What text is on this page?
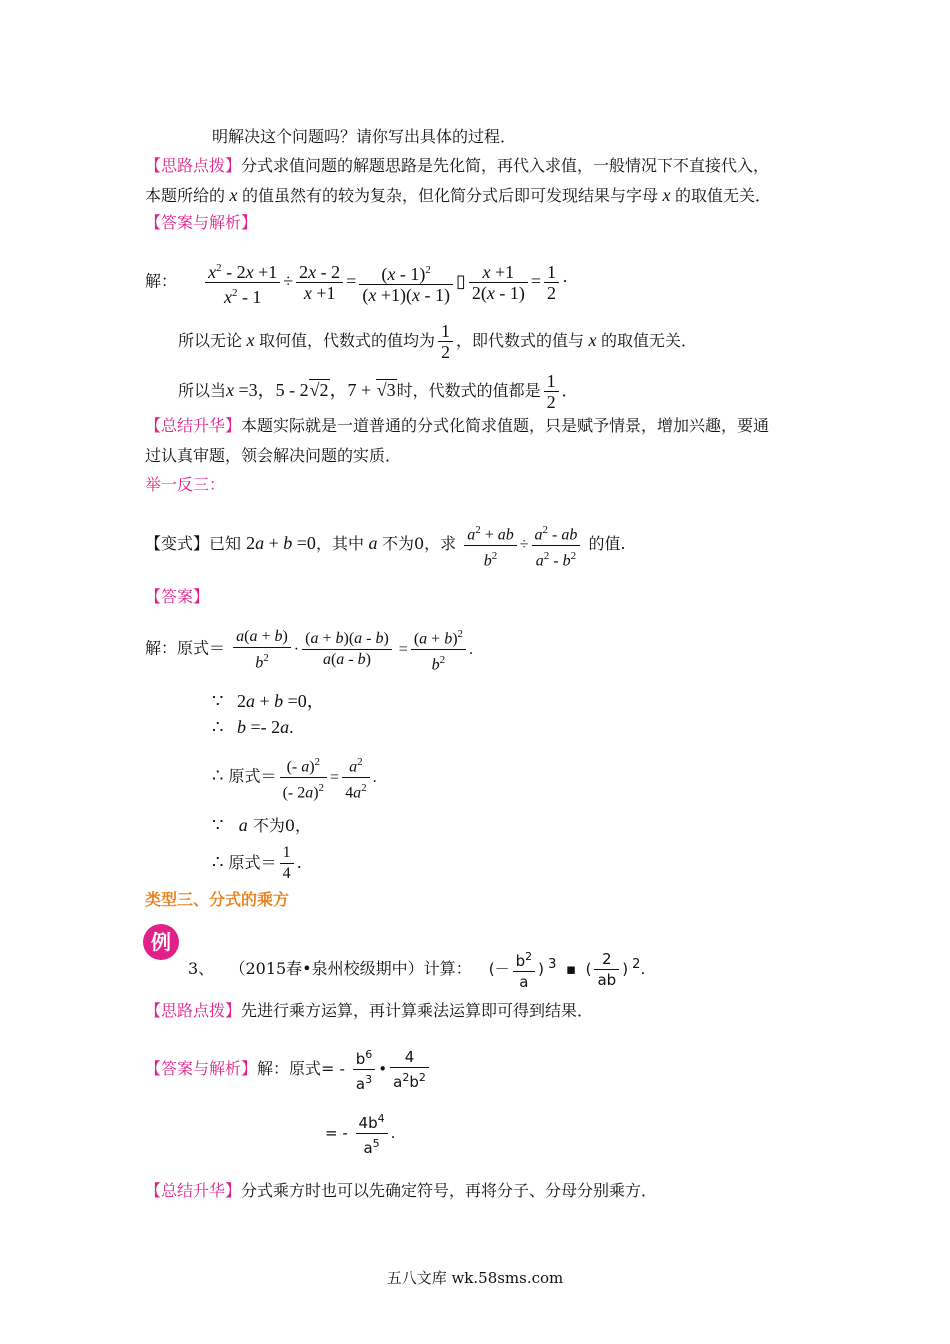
明解决这个问题吗？请你写出具体的过程．
【思路点拨】分式求值问题的解题思路是先化简，再代入求值，一般情况下不直接代入，
本题所给的 x 的值虽然有的较为复杂，但化简分式后即可发现结果与字母 x 的取值无关．
【答案与解析】
解： $\frac{x^2 - 2x +1}{x^2 - 1} \div \frac{2x - 2}{x +1} = \frac{(x - 1)^2}{(x +1)(x - 1)}$ ▯ $\frac{x +1}{2(x - 1)} = \frac{1}{2}$ ·
所以无论 x 取何值，代数式的值均为 $\frac{1}{2}$ ，即代数式的值与 x 的取值无关．
所以当x =3，5 - 2√2，7 + √3时，代数式的值都是 $\frac{1}{2}$ ．
【总结升华】本题实际就是一道普通的分式化简求值题，只是赋予情景，增加兴趣，要通
过认真审题，领会解决问题的实质．
举一反三：
【变式】已知 2a + b =0，其中 a 不为0，求 $\frac{a^2 + ab}{b^2} \div \frac{a^2 - ab}{a^2 - b^2}$ 的值.
【答案】
解：原式＝ $\frac{a(a + b)}{b^2} \cdot \frac{(a + b)(a - b)}{a(a - b)} = \frac{(a + b)^2}{b^2}$ .
∵   2a + b =0，
∴ b =- 2a.
∴ 原式＝ $\frac{(- a)^2}{(- 2a)^2} = \frac{a^2}{4a^2}$ .
∵ a 不为0，
∴ 原式＝ $\frac{1}{4}$ .
类型三、分式的乘方
例
3、 （2015春•泉州校级期中）计算： (－ $\frac{b^2}{a}$ ) $^3$  ▪  ( $\frac{2}{ab}$ ) $^2$.
【思路点拨】先进行乘方运算，再计算乘法运算即可得到结果．
【答案与解析】解：原式= - $\frac{b^6}{a^3}$ • $\frac{4}{a^2b^2}$
= - $\frac{4b^4}{a^5}$ .
【总结升华】分式乘方时也可以先确定符号，再将分子、分母分别乘方．
五八文库 wk.58sms.com
